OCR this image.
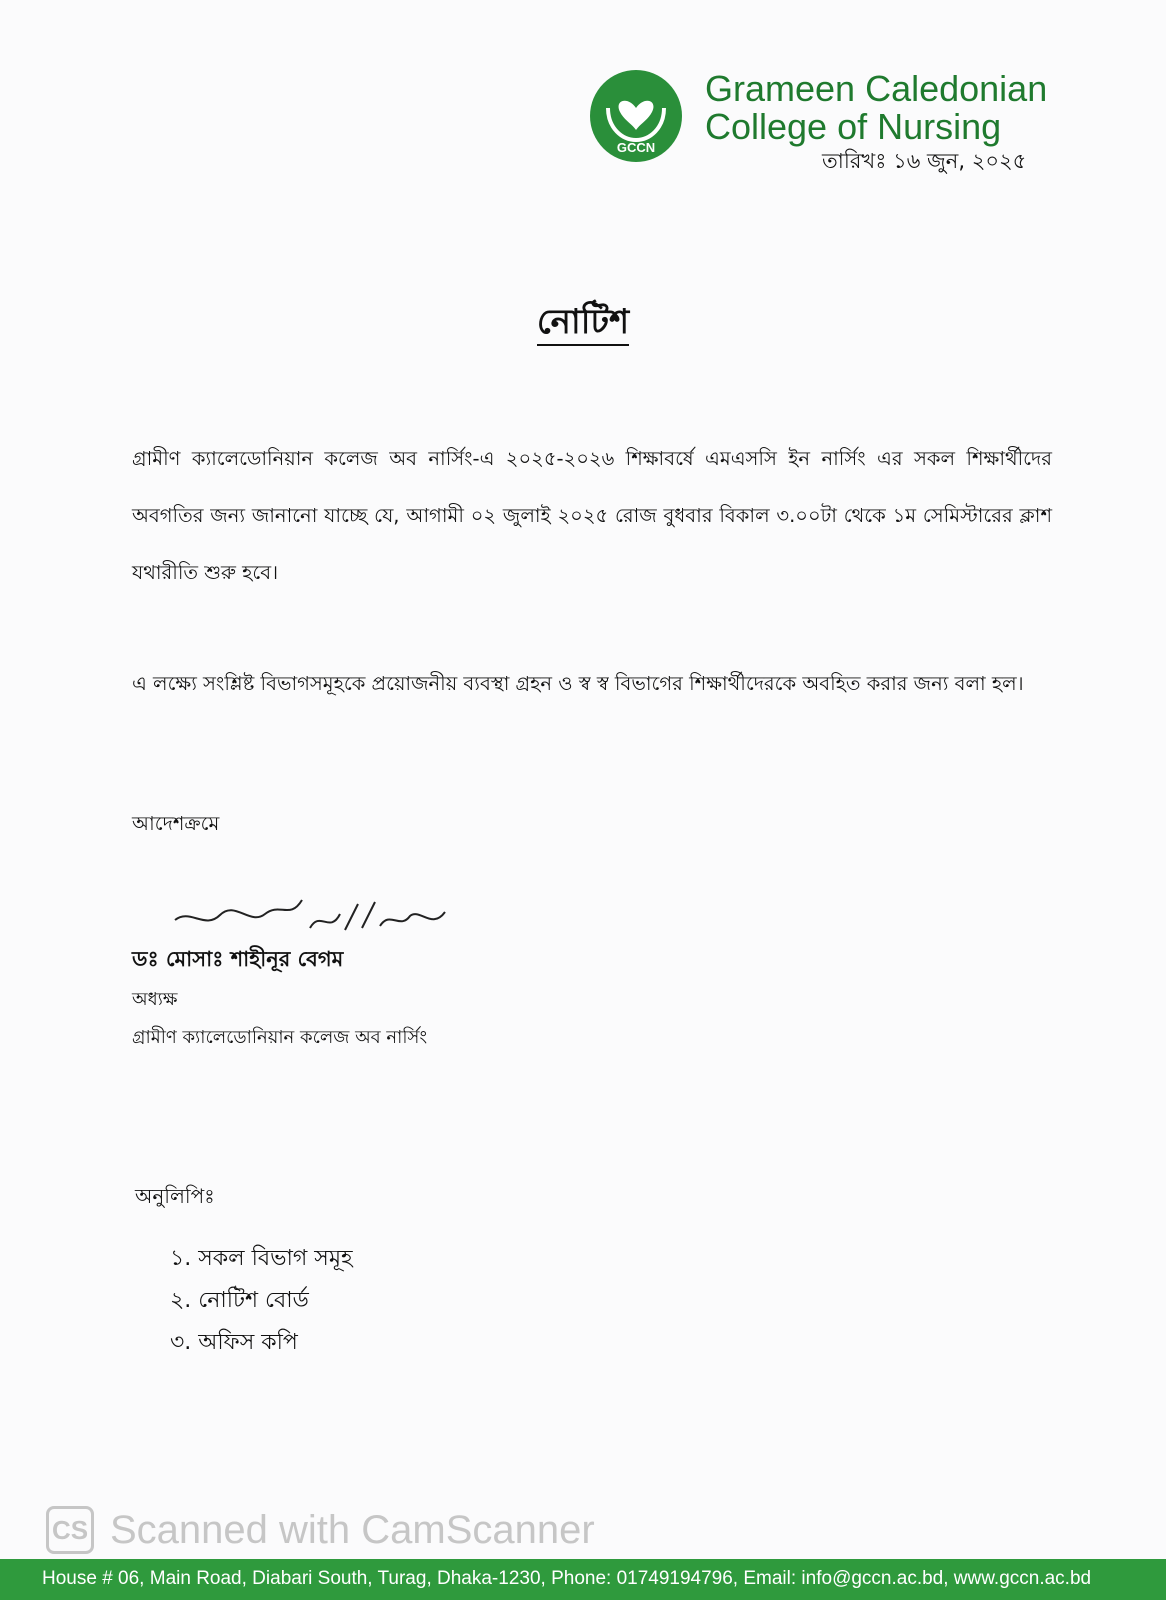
GCCN
Grameen Caledonian
College of Nursing
তারিখঃ ১৬ জুন, ২০২৫
নোটিশ
গ্রামীণ ক্যালেডোনিয়ান কলেজ অব নার্সিং-এ ২০২৫-২০২৬ শিক্ষাবর্ষে এমএসসি ইন নার্সিং এর সকল শিক্ষার্থীদের অবগতির জন্য জানানো যাচ্ছে যে, আগামী ০২ জুলাই ২০২৫ রোজ বুধবার বিকাল ৩.০০টা থেকে ১ম সেমিস্টারের ক্লাশ যথারীতি শুরু হবে।
এ লক্ষ্যে সংশ্লিষ্ট বিভাগসমূহকে প্রয়োজনীয় ব্যবস্থা গ্রহন ও স্ব স্ব বিভাগের শিক্ষার্থীদেরকে অবহিত করার জন্য বলা হল।
আদেশক্রমে
ডঃ মোসাঃ শাহীনূর বেগম
অধ্যক্ষ
গ্রামীণ ক্যালেডোনিয়ান কলেজ অব নার্সিং
অনুলিপিঃ
১. সকল বিভাগ সমূহ
২. নোটিশ বোর্ড
৩. অফিস কপি
CS Scanned with CamScanner
House # 06, Main Road, Diabari South, Turag, Dhaka-1230, Phone: 01749194796, Email: info@gccn.ac.bd, www.gccn.ac.bd
